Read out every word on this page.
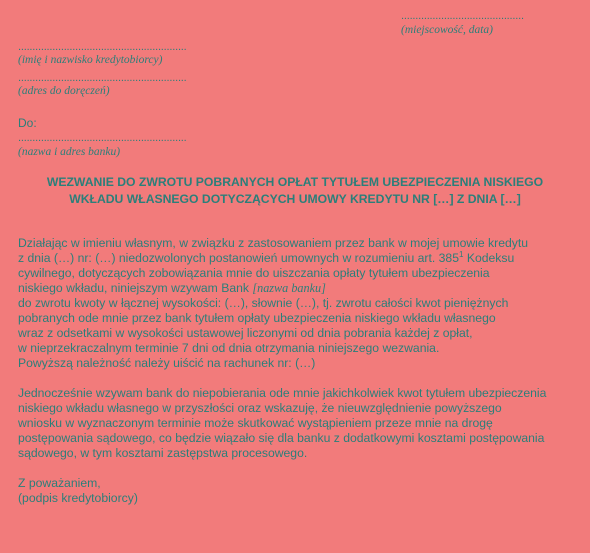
...........................................
(miejscowość, data)
...........................................................
(imię i nazwisko kredytobiorcy)
...........................................................
(adres do doręczeń)
Do:
...........................................................
(nazwa i adres banku)
WEZWANIE DO ZWROTU POBRANYCH OPŁAT TYTUŁEM UBEZPIECZENIA NISKIEGO
WKŁADU WŁASNEGO DOTYCZĄCYCH UMOWY KREDYTU NR […] Z DNIA […]
Działając w imieniu własnym, w związku z zastosowaniem przez bank w mojej umowie kredytu
z dnia (…) nr: (…) niedozwolonych postanowień umownych w rozumieniu art. $385^1$ Kodeksu
cywilnego, dotyczących zobowiązania mnie do uiszczania opłaty tytułem ubezpieczenia
niskiego wkładu, niniejszym wzywam Bank [nazwa banku]
do zwrotu kwoty w łącznej wysokości: (…), słownie (…), tj. zwrotu całości kwot pieniężnych
pobranych ode mnie przez bank tytułem opłaty ubezpieczenia niskiego wkładu własnego
wraz z odsetkami w wysokości ustawowej liczonymi od dnia pobrania każdej z opłat,
w nieprzekraczalnym terminie 7 dni od dnia otrzymania niniejszego wezwania.
Powyższą należność należy uiścić na rachunek nr: (…)
Jednocześnie wzywam bank do niepobierania ode mnie jakichkolwiek kwot tytułem ubezpieczenia
niskiego wkładu własnego w przyszłości oraz wskazuję, że nieuwzględnienie powyższego
wniosku w wyznaczonym terminie może skutkować wystąpieniem przeze mnie na drogę
postępowania sądowego, co będzie wiązało się dla banku z dodatkowymi kosztami postępowania
sądowego, w tym kosztami zastępstwa procesowego.
Z poważaniem,
(podpis kredytobiorcy)
